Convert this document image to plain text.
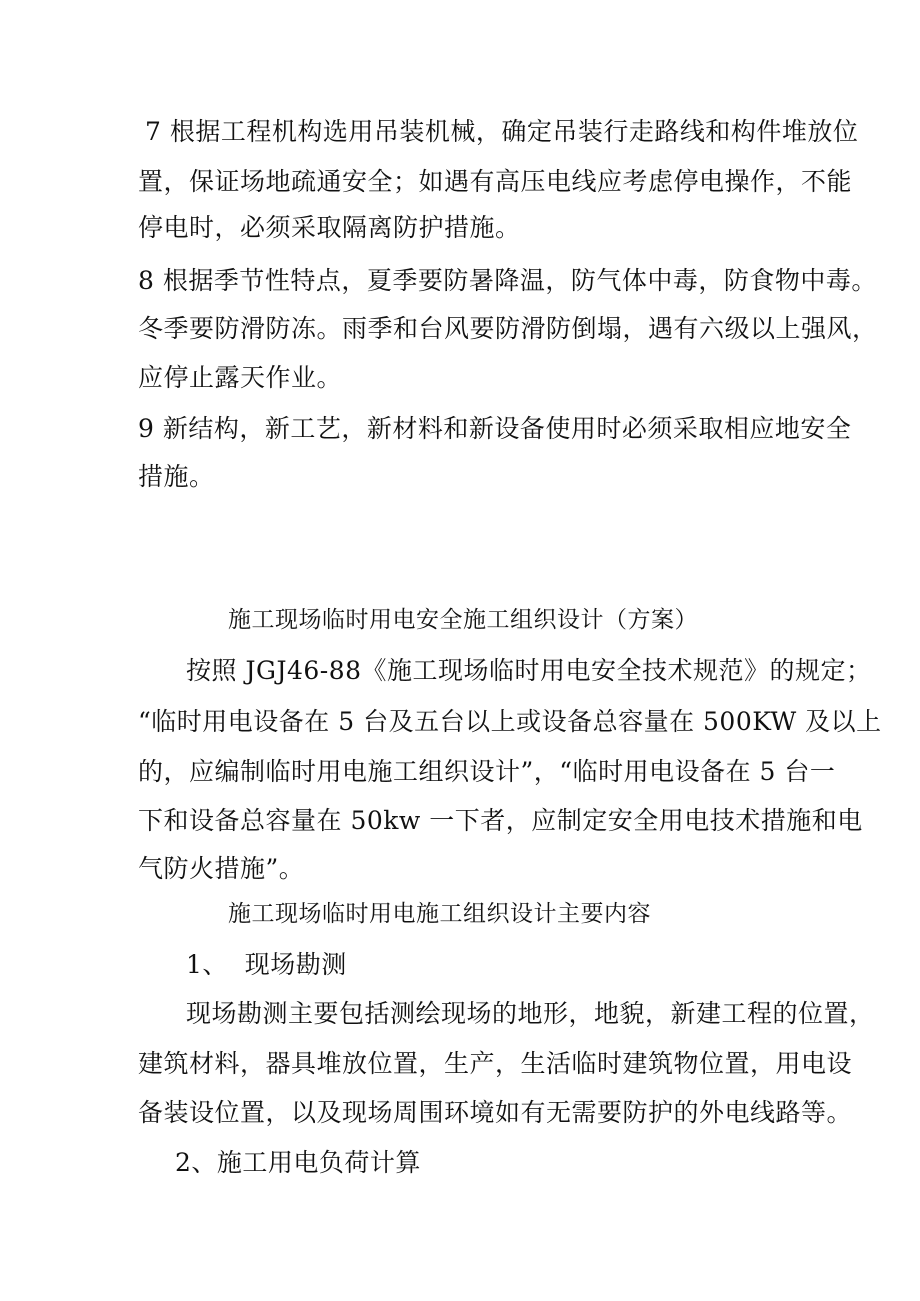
7 根据工程机构选用吊装机械，确定吊装行走路线和构件堆放位
置，保证场地疏通安全；如遇有高压电线应考虑停电操作，不能
停电时，必须采取隔离防护措施。
8 根据季节性特点，夏季要防暑降温，防气体中毒，防食物中毒。
冬季要防滑防冻。雨季和台风要防滑防倒塌，遇有六级以上强风，
应停止露天作业。
9 新结构，新工艺，新材料和新设备使用时必须采取相应地安全
措施。
施工现场临时用电安全施工组织设计（方案）
按照 JGJ46-88《施工现场临时用电安全技术规范》的规定；
“临时用电设备在 5 台及五台以上或设备总容量在 500KW 及以上
的，应编制临时用电施工组织设计”，“临时用电设备在 5 台一
下和设备总容量在 50kw 一下者，应制定安全用电技术措施和电
气防火措施”。
施工现场临时用电施工组织设计主要内容
1、  现场勘测
现场勘测主要包括测绘现场的地形，地貌，新建工程的位置，
建筑材料，器具堆放位置，生产，生活临时建筑物位置，用电设
备装设位置，以及现场周围环境如有无需要防护的外电线路等。
2、施工用电负荷计算
